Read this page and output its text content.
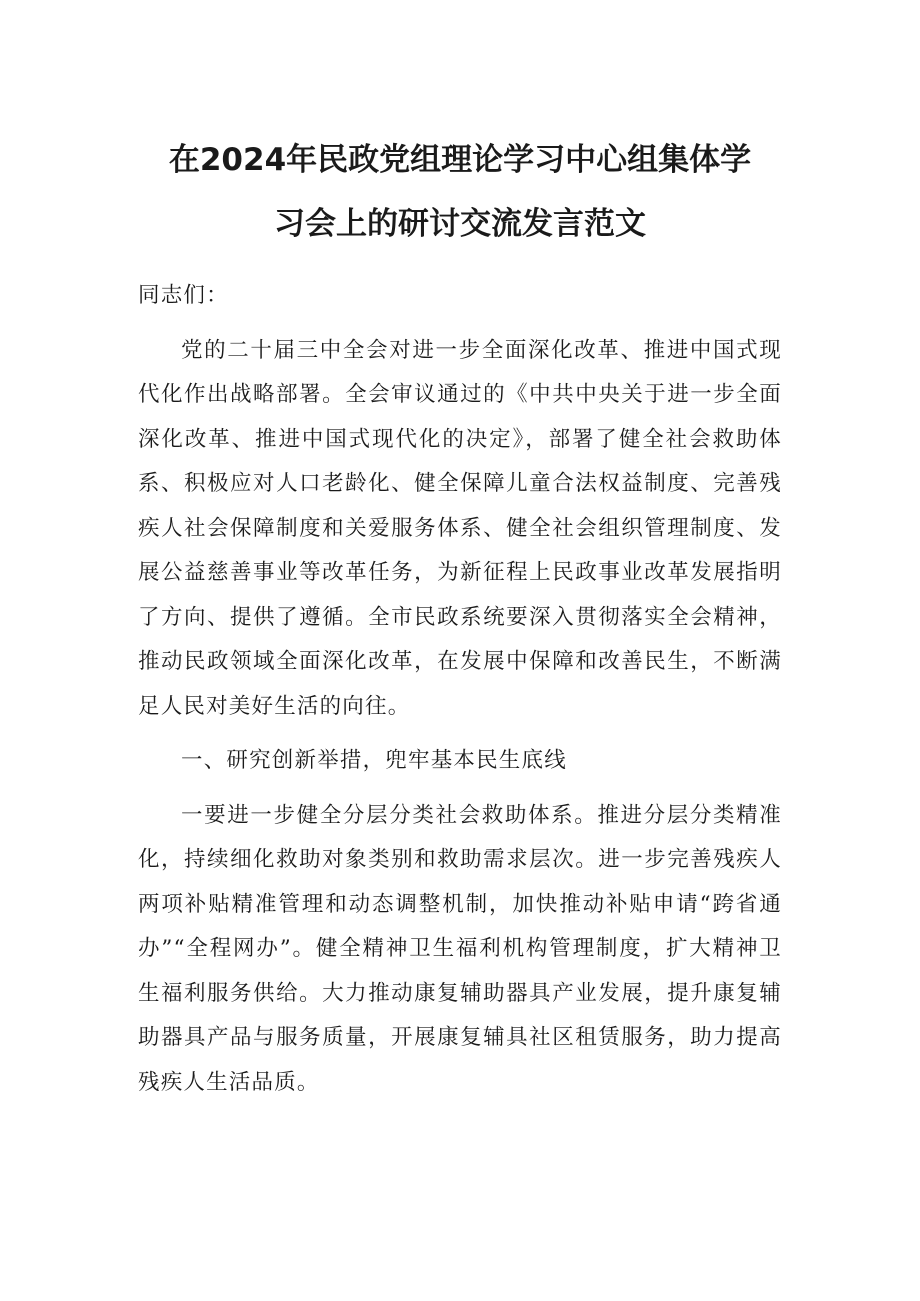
在2024年民政党组理论学习中心组集体学
习会上的研讨交流发言范文

同志们：

党的二十届三中全会对进一步全面深化改革、推进中国式现代化作出战略部署。全会审议通过的《中共中央关于进一步全面深化改革、推进中国式现代化的决定》，部署了健全社会救助体系、积极应对人口老龄化、健全保障儿童合法权益制度、完善残疾人社会保障制度和关爱服务体系、健全社会组织管理制度、发展公益慈善事业等改革任务，为新征程上民政事业改革发展指明了方向、提供了遵循。全市民政系统要深入贯彻落实全会精神，推动民政领域全面深化改革，在发展中保障和改善民生，不断满足人民对美好生活的向往。

一、研究创新举措，兜牢基本民生底线

一要进一步健全分层分类社会救助体系。推进分层分类精准化，持续细化救助对象类别和救助需求层次。进一步完善残疾人两项补贴精准管理和动态调整机制，加快推动补贴申请“跨省通办”“全程网办”。健全精神卫生福利机构管理制度，扩大精神卫生福利服务供给。大力推动康复辅助器具产业发展，提升康复辅助器具产品与服务质量，开展康复辅具社区租赁服务，助力提高残疾人生活品质。
